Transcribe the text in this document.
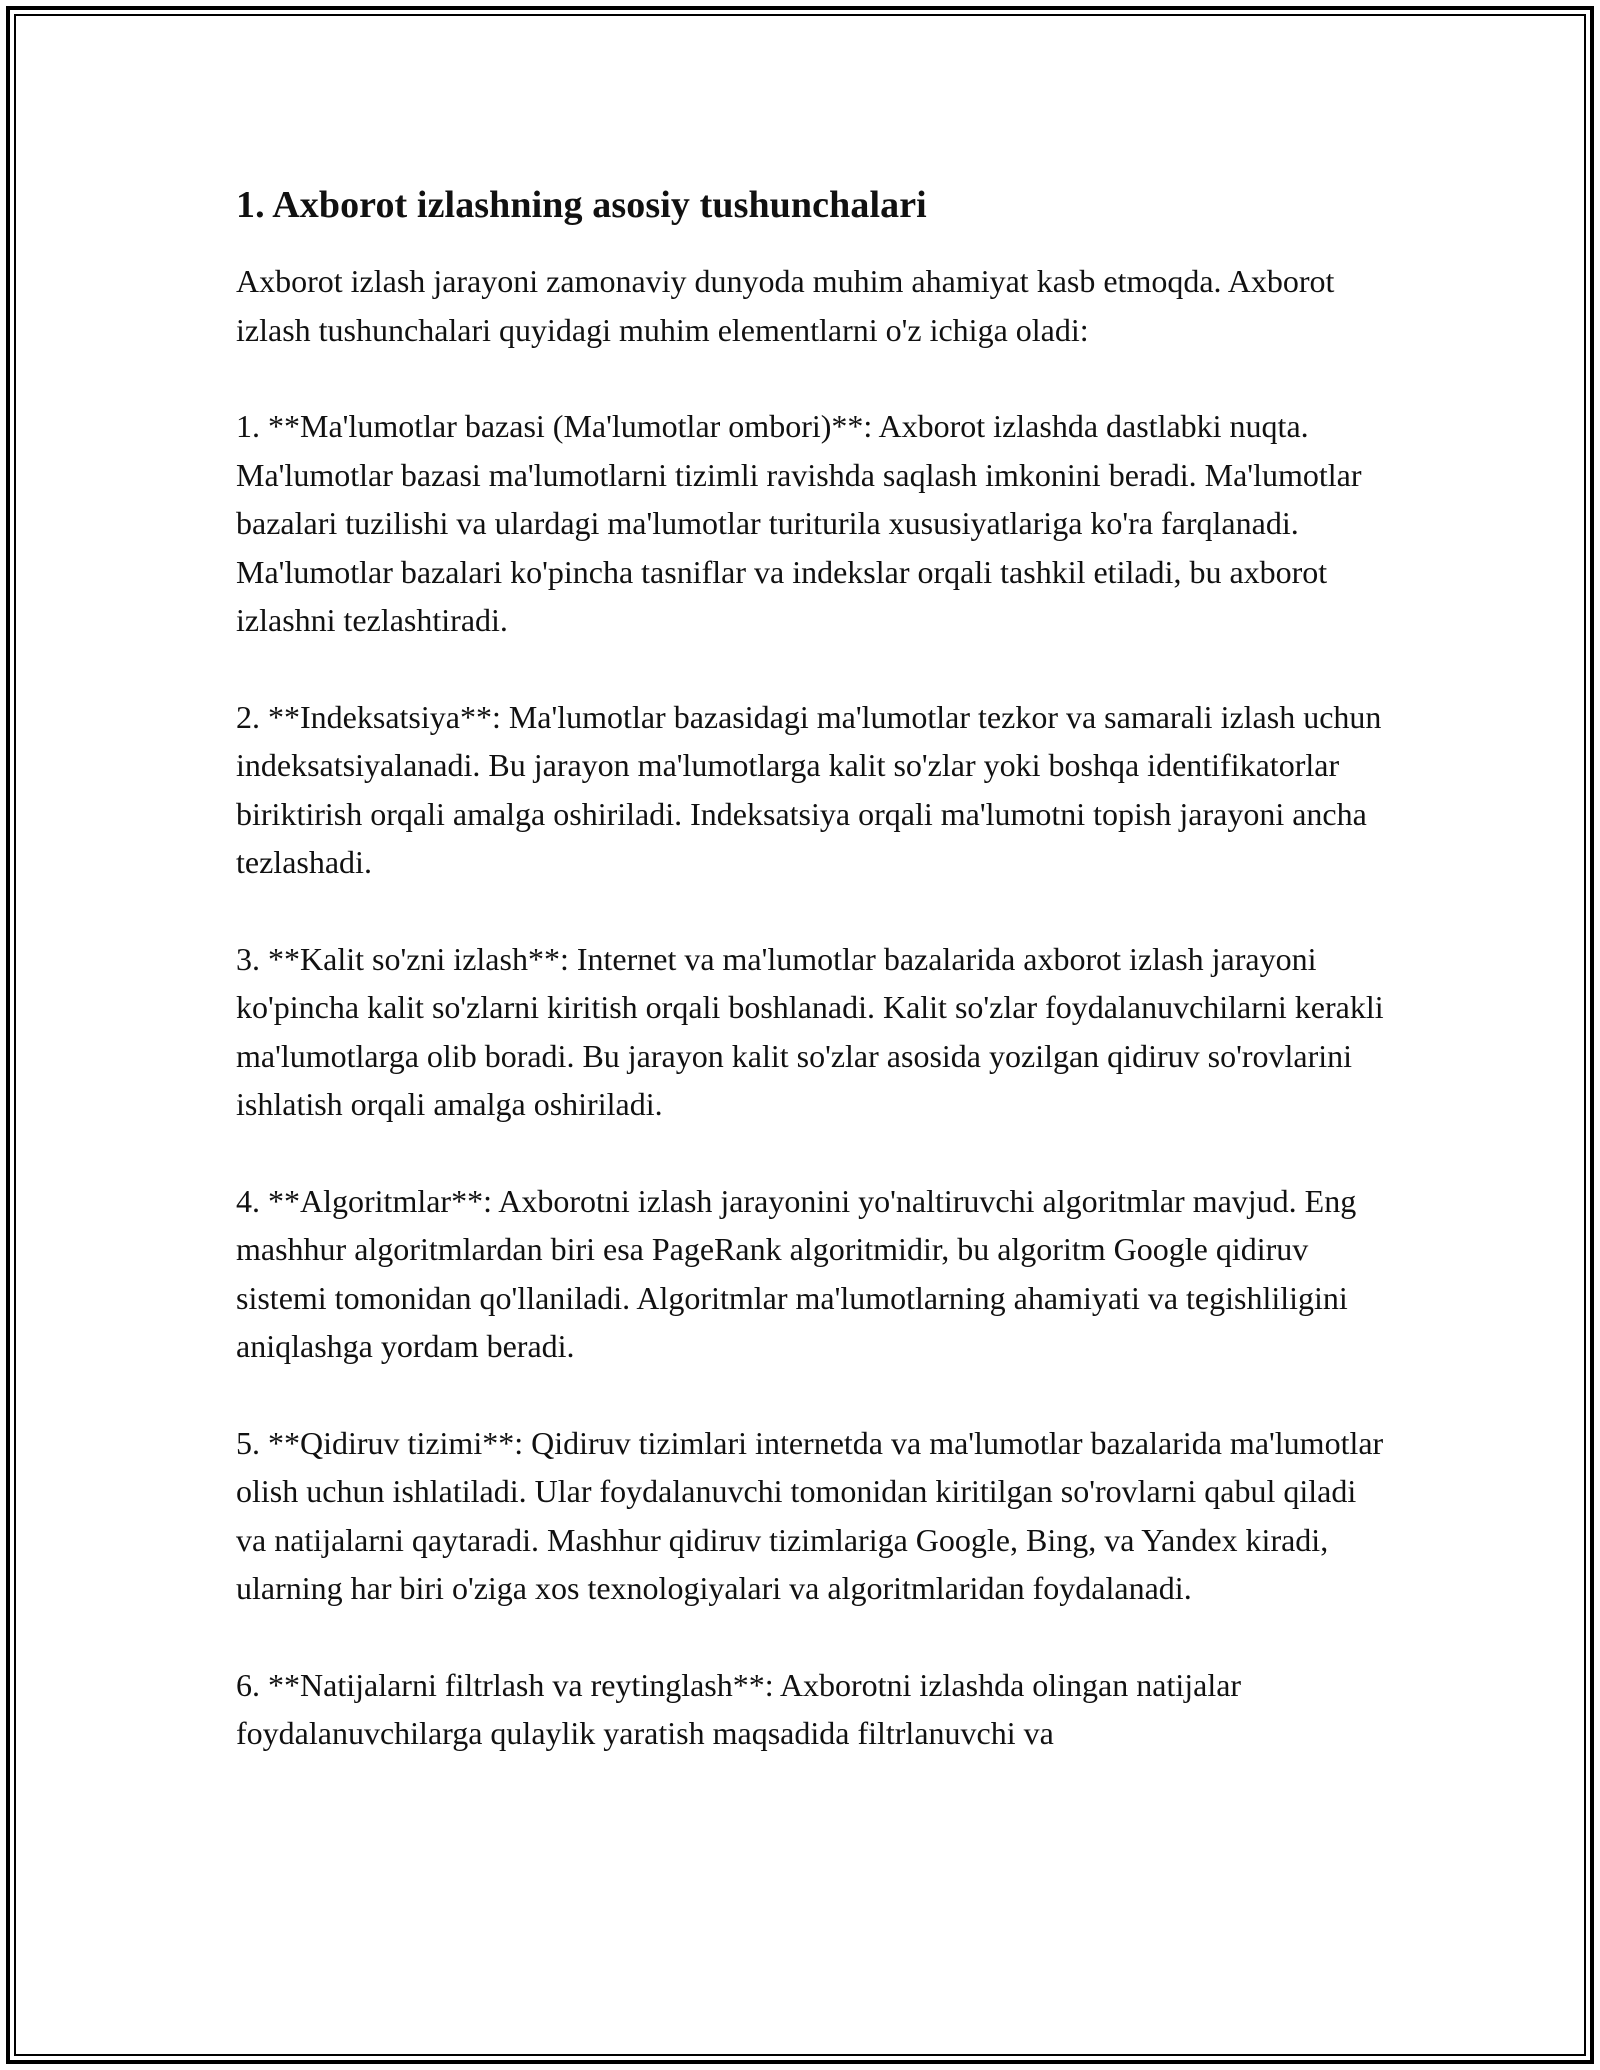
1. Axborot izlashning asosiy tushunchalari

Axborot izlash jarayoni zamonaviy dunyoda muhim ahamiyat kasb etmoqda. Axborot izlash tushunchalari quyidagi muhim elementlarni o'z ichiga oladi:

1. **Ma'lumotlar bazasi (Ma'lumotlar ombori)**: Axborot izlashda dastlabki nuqta. Ma'lumotlar bazasi ma'lumotlarni tizimli ravishda saqlash imkonini beradi. Ma'lumotlar bazalari tuzilishi va ulardagi ma'lumotlar turiturila xususiyatlariga ko'ra farqlanadi. Ma'lumotlar bazalari ko'pincha tasniflar va indekslar orqali tashkil etiladi, bu axborot izlashni tezlashtiradi.

2. **Indeksatsiya**: Ma'lumotlar bazasidagi ma'lumotlar tezkor va samarali izlash uchun indeksatsiyalanadi. Bu jarayon ma'lumotlarga kalit so'zlar yoki boshqa identifikatorlar biriktirish orqali amalga oshiriladi. Indeksatsiya orqali ma'lumotni topish jarayoni ancha tezlashadi.

3. **Kalit so'zni izlash**: Internet va ma'lumotlar bazalarida axborot izlash jarayoni ko'pincha kalit so'zlarni kiritish orqali boshlanadi. Kalit so'zlar foydalanuvchilarni kerakli ma'lumotlarga olib boradi. Bu jarayon kalit so'zlar asosida yozilgan qidiruv so'rovlarini ishlatish orqali amalga oshiriladi.

4. **Algoritmlar**: Axborotni izlash jarayonini yo'naltiruvchi algoritmlar mavjud. Eng mashhur algoritmlardan biri esa PageRank algoritmidir, bu algoritm Google qidiruv sistemi tomonidan qo'llaniladi. Algoritmlar ma'lumotlarning ahamiyati va tegishliligini aniqlashga yordam beradi.

5. **Qidiruv tizimi**: Qidiruv tizimlari internetda va ma'lumotlar bazalarida ma'lumotlar olish uchun ishlatiladi. Ular foydalanuvchi tomonidan kiritilgan so'rovlarni qabul qiladi va natijalarni qaytaradi. Mashhur qidiruv tizimlariga Google, Bing, va Yandex kiradi, ularning har biri o'ziga xos texnologiyalari va algoritmlaridan foydalanadi.

6. **Natijalarni filtrlash va reytinglash**: Axborotni izlashda olingan natijalar foydalanuvchilarga qulaylik yaratish maqsadida filtrlanuvchi va
